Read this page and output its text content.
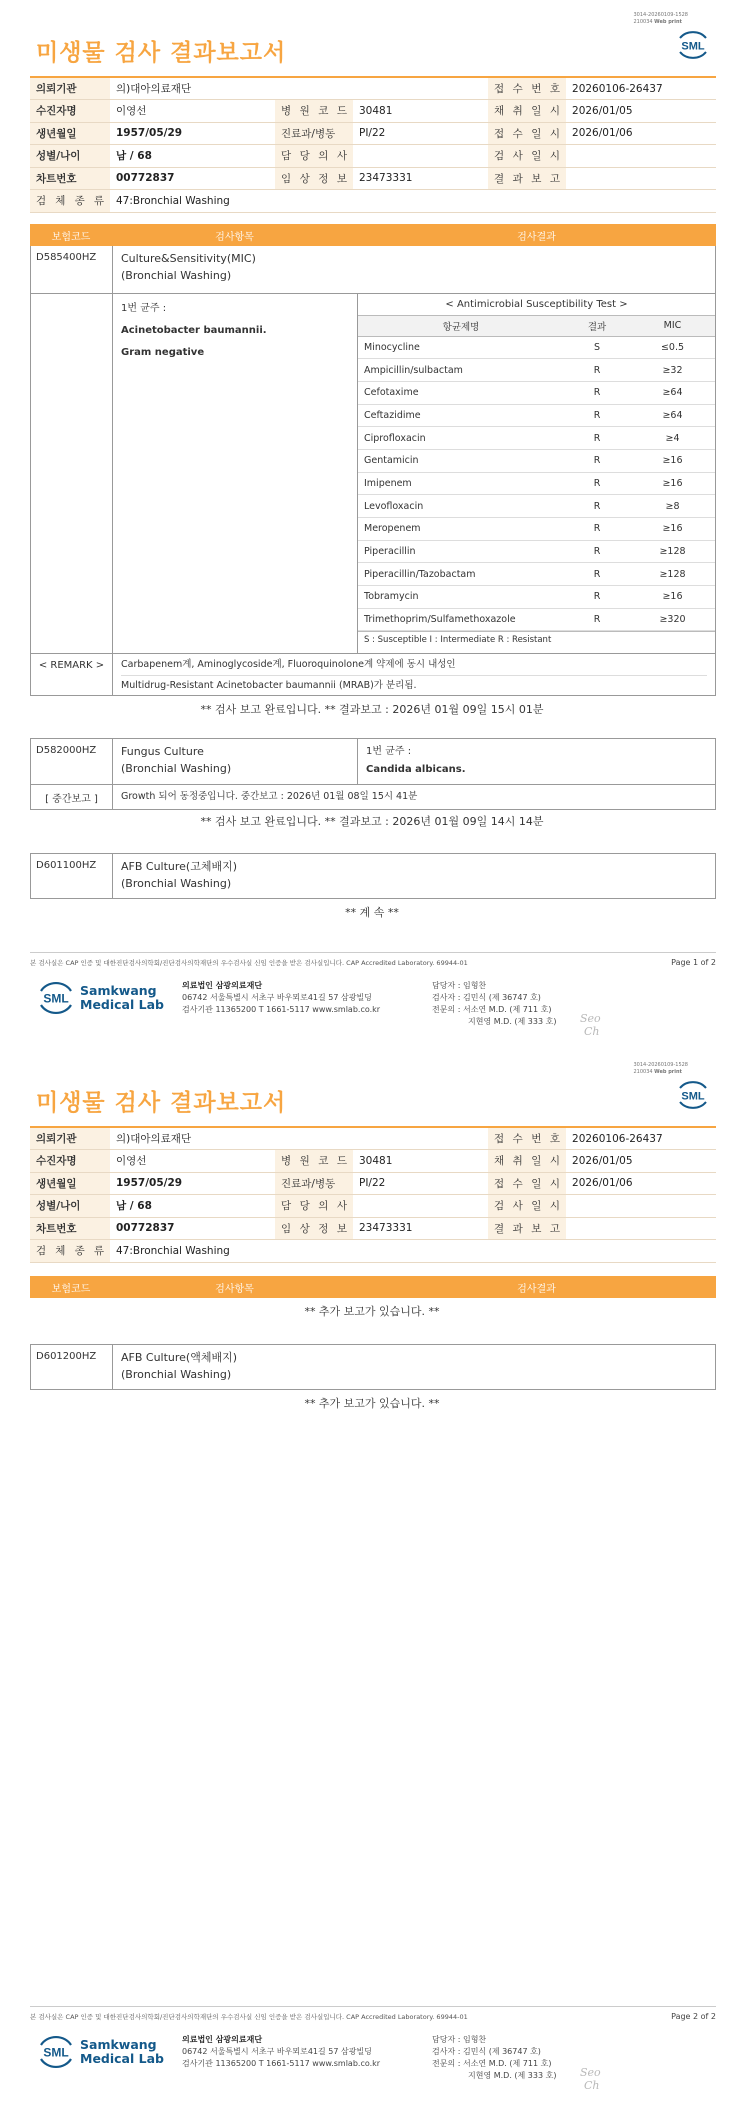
3014-20260109-1528
210034 Web print
미생물 검사 결과보고서	SML
의뢰기관	의)대아의료재단			접 수 번 호	20260106-26437
수진자명	이영선	병 원 코 드	30481	채 취 일 시	2026/01/05
생년월일	1957/05/29	진료과/병동	PI/22	접 수 일 시	2026/01/06
성별/나이	남 / 68	담 당 의 사		검 사 일 시	
차트번호	00772837	임 상 정 보	23473331	결 과 보 고	
검 체 종 류	47:Bronchial Washing				
보험코드	검사항목	검사결과
D585400HZ	Culture&Sensitivity(MIC)
(Bronchial Washing)
1번 균주 :
Acinetobacter baumannii.
Gram negative
< Antimicrobial Susceptibility Test >
항균제명	결과	MIC
Minocycline	S	≤0.5
Ampicillin/sulbactam	R	≥32
Cefotaxime	R	≥64
Ceftazidime	R	≥64
Ciprofloxacin	R	≥4
Gentamicin	R	≥16
Imipenem	R	≥16
Levofloxacin	R	≥8
Meropenem	R	≥16
Piperacillin	R	≥128
Piperacillin/Tazobactam	R	≥128
Tobramycin	R	≥16
Trimethoprim/Sulfamethoxazole	R	≥320
S : Susceptible I : Intermediate R : Resistant
< REMARK >	Carbapenem계, Aminoglycoside계, Fluoroquinolone계 약제에 동시 내성인
Multidrug-Resistant Acinetobacter baumannii (MRAB)가 분리됨.
** 검사 보고 완료입니다. ** 결과보고 : 2026년 01월 09일 15시 01분
D582000HZ	Fungus Culture
(Bronchial Washing)
1번 균주 :
Candida albicans.
[ 중간보고 ]	Growth 되어 동정중입니다. 중간보고 : 2026년 01월 08일 15시 41분
** 검사 보고 완료입니다. ** 결과보고 : 2026년 01월 09일 14시 14분
D601100HZ	AFB Culture(고체배지)
(Bronchial Washing)
** 계 속 **
본 검사실은 CAP 인증 및 대한진단검사의학회/진단검사의학재단의 우수검사실 신임 인증을 받은 검사실입니다. CAP Accredited Laboratory. 69944-01	Page 1 of 2
SML
Samkwang
Medical Lab
의료법인 삼광의료재단
06742 서울특별시 서초구 바우뫼로41길 57 삼광빌딩
검사기관 11365200 T 1661-5117 www.smlab.co.kr
담당자 : 임형찬
검사자 : 김민식 (제 36747 호)
전문의 : 서소연 M.D. (제 711 호)
지현영 M.D. (제 333 호) Seo
Ch
3014-20260109-1528
210034 Web print
미생물 검사 결과보고서	SML
의뢰기관	의)대아의료재단			접 수 번 호	20260106-26437
수진자명	이영선	병 원 코 드	30481	채 취 일 시	2026/01/05
생년월일	1957/05/29	진료과/병동	PI/22	접 수 일 시	2026/01/06
성별/나이	남 / 68	담 당 의 사		검 사 일 시	
차트번호	00772837	임 상 정 보	23473331	결 과 보 고	
검 체 종 류	47:Bronchial Washing				
보험코드	검사항목	검사결과
** 추가 보고가 있습니다. **
D601200HZ	AFB Culture(액체배지)
(Bronchial Washing)
** 추가 보고가 있습니다. **
본 검사실은 CAP 인증 및 대한진단검사의학회/진단검사의학재단의 우수검사실 신임 인증을 받은 검사실입니다. CAP Accredited Laboratory. 69944-01	Page 2 of 2
SML
Samkwang
Medical Lab
의료법인 삼광의료재단
06742 서울특별시 서초구 바우뫼로41길 57 삼광빌딩
검사기관 11365200 T 1661-5117 www.smlab.co.kr
담당자 : 임형찬
검사자 : 김민식 (제 36747 호)
전문의 : 서소연 M.D. (제 711 호)
지현영 M.D. (제 333 호) Seo
Ch
